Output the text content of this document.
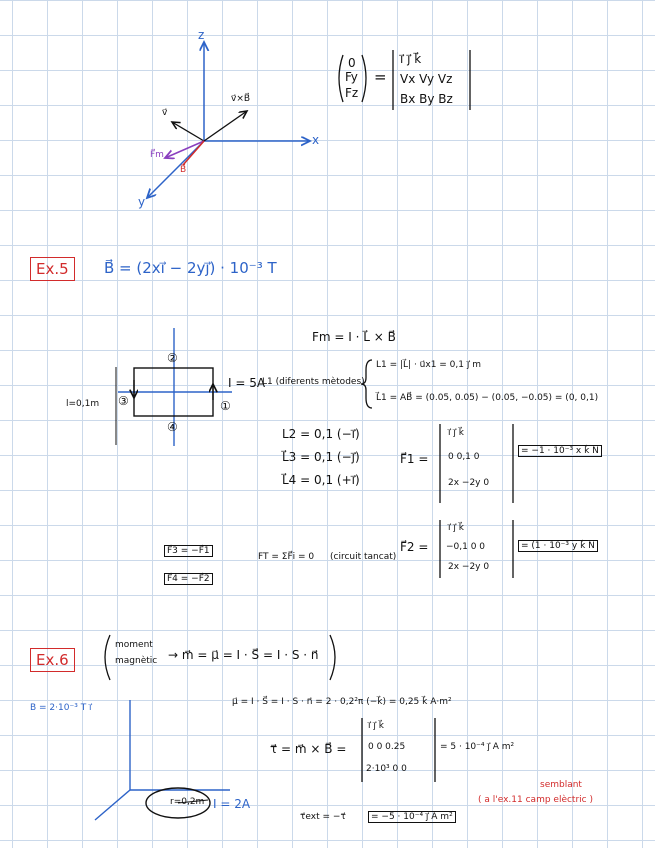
z
x
y
v⃗
v⃗×B⃗
F⃗m
B⃗
0
Fy
Fz
=
i⃗ j⃗ k⃗
Vx Vy Vz
Bx By Bz
Ex.5	B⃗ = (2xi⃗ − 2yj⃗) · 10⁻³ T
Fm = I · L⃗ × B⃗
L1 (diferents mètodes)
L1 = |L⃗| · u⃗x1 = 0,1 j⃗ m
L⃗1 = AB⃗ = (0.05, 0.05) − (0.05, −0.05) = (0, 0,1)
I = 5A
l=0,1m	①
②
③
④	L2 = 0,1 (−i⃗)
L⃗3 = 0,1 (−j⃗)
L⃗4 = 0,1 (+i⃗)
F⃗1 =
i⃗ j⃗ k⃗
0 0,1 0
2x −2y 0
= −1 · 10⁻³ x k⃗ N
F⃗2 =
i⃗ j⃗ k⃗
−0,1 0 0
2x −2y 0
= (1 · 10⁻³ y k⃗ N
F⃗3 = −F⃗1
F⃗4 = −F⃗2
FT = ΣF⃗i = 0 (circuit tancat)
Ex.6
moment
magnètic → m⃗ = μ⃗ = I · S⃗ = I · S · n⃗
B = 2·10⁻³ T i⃗
μ⃗ = I · S⃗ = I · S · n⃗ = 2 · 0,2²π (−k⃗) = 0,25 k⃗ A·m²
τ⃗ = m⃗ × B⃗ =
i⃗ j⃗ k⃗
0 0 0.25
2·10³ 0 0
= 5 · 10⁻⁴ j⃗ A m²
τ⃗ext = −τ⃗	= −5 · 10⁻⁴ j⃗ A m²
r=0,2m I = 2A
semblant
( a l'ex.11 camp elèctric )
